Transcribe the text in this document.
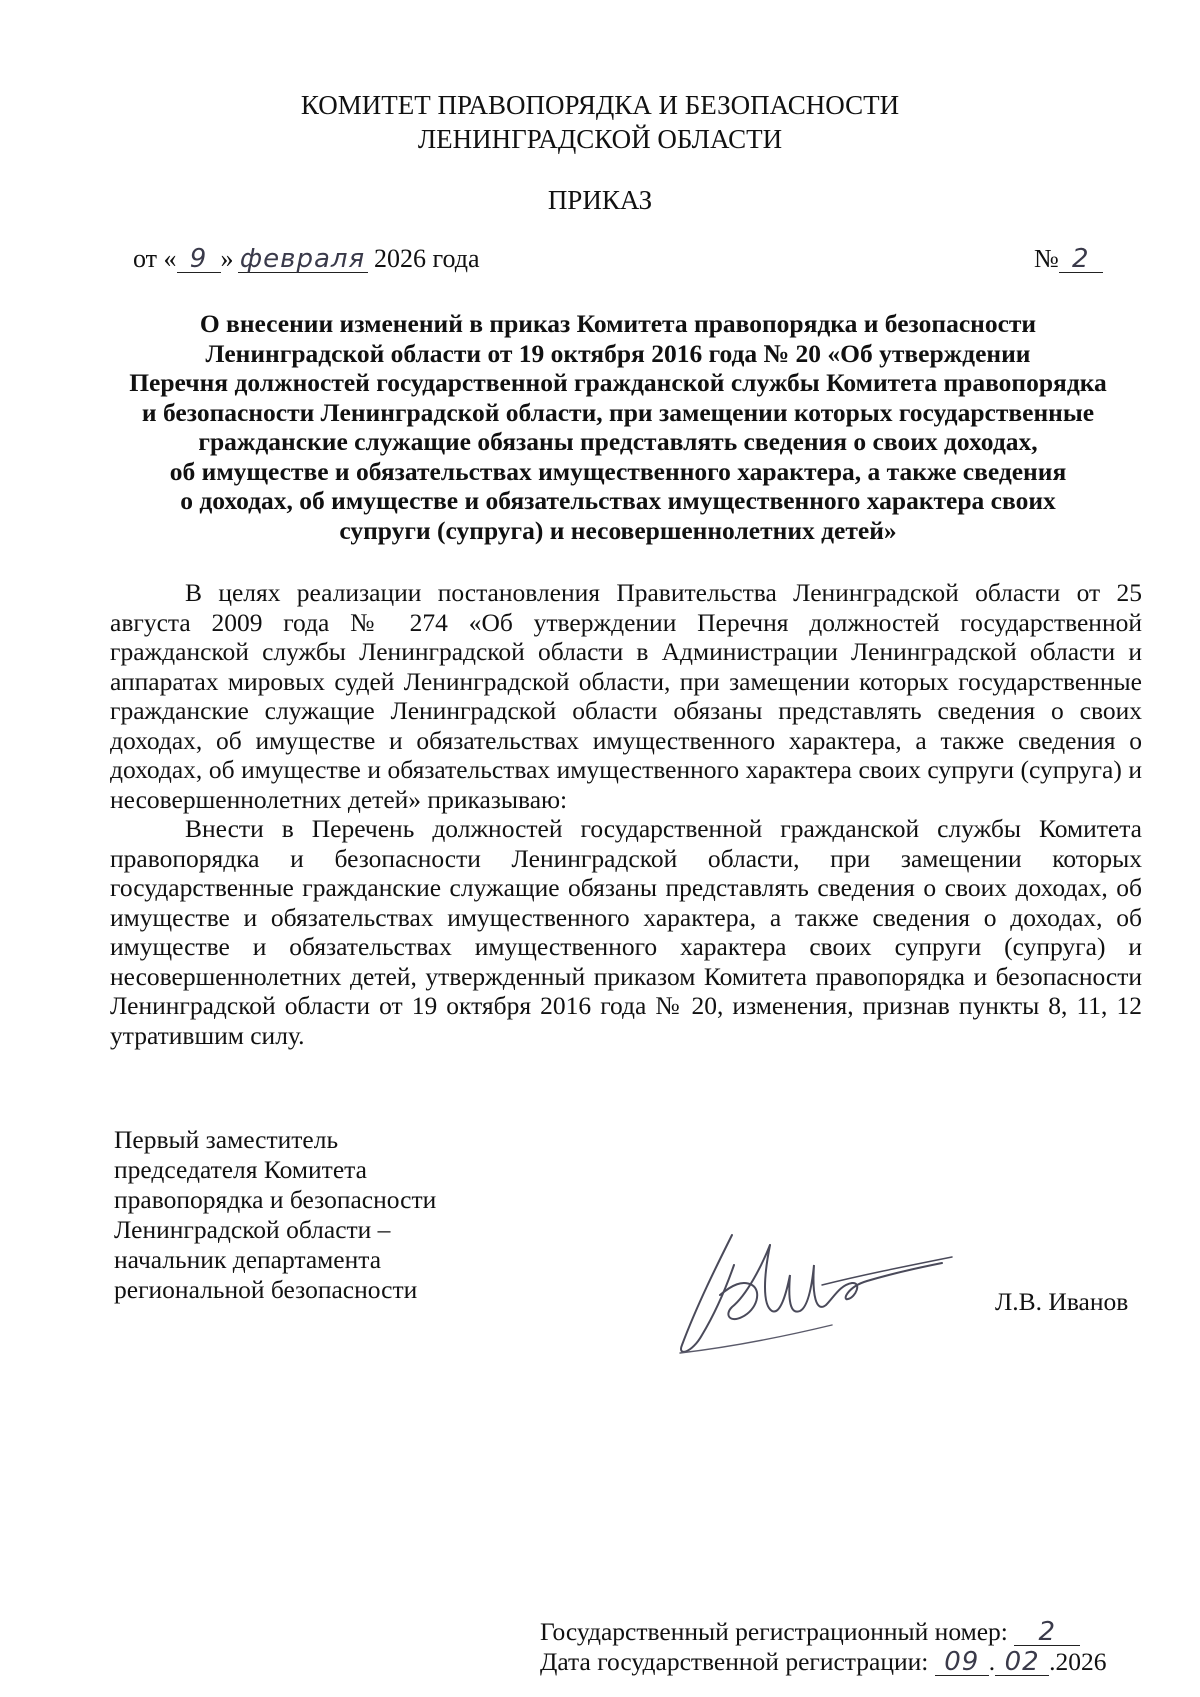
КОМИТЕТ ПРАВОПОРЯДКА И БЕЗОПАСНОСТИ
ЛЕНИНГРАДСКОЙ ОБЛАСТИ
ПРИКАЗ
от « 9 » февраля 2026 года	№ 2
О внесении изменений в приказ Комитета правопорядка и безопасности
Ленинградской области от 19 октября 2016 года № 20 «Об утверждении
Перечня должностей государственной гражданской службы Комитета правопорядка
и безопасности Ленинградской области, при замещении которых государственные
гражданские служащие обязаны представлять сведения о своих доходах,
об имуществе и обязательствах имущественного характера, а также сведения
о доходах, об имуществе и обязательствах имущественного характера своих
супруги (супруга) и несовершеннолетних детей»

В целях реализации постановления Правительства Ленинградской области от 25 августа 2009 года № 274 «Об утверждении Перечня должностей государственной гражданской службы Ленинградской области в Администрации Ленинградской области и аппаратах мировых судей Ленинградской области, при замещении которых государственные гражданские служащие Ленинградской области обязаны представлять сведения о своих доходах, об имуществе и обязательствах имущественного характера, а также сведения о доходах, об имуществе и обязательствах имущественного характера своих супруги (супруга) и несовершеннолетних детей» приказываю:

Внести в Перечень должностей государственной гражданской службы Комитета правопорядка и безопасности Ленинградской области, при замещении которых государственные гражданские служащие обязаны представлять сведения о своих доходах, об имуществе и обязательствах имущественного характера, а также сведения о доходах, об имуществе и обязательствах имущественного характера своих супруги (супруга) и несовершеннолетних детей, утвержденный приказом Комитета правопорядка и безопасности Ленинградской области от 19 октября 2016 года № 20, изменения, признав пункты 8, 11, 12 утратившим силу.

Первый заместитель
председателя Комитета
правопорядка и безопасности
Ленинградской области –
начальник департамента
региональной безопасности	Л.В. Иванов
Государственный регистрационный номер: 2
Дата государственной регистрации: 09 . 02 .2026
